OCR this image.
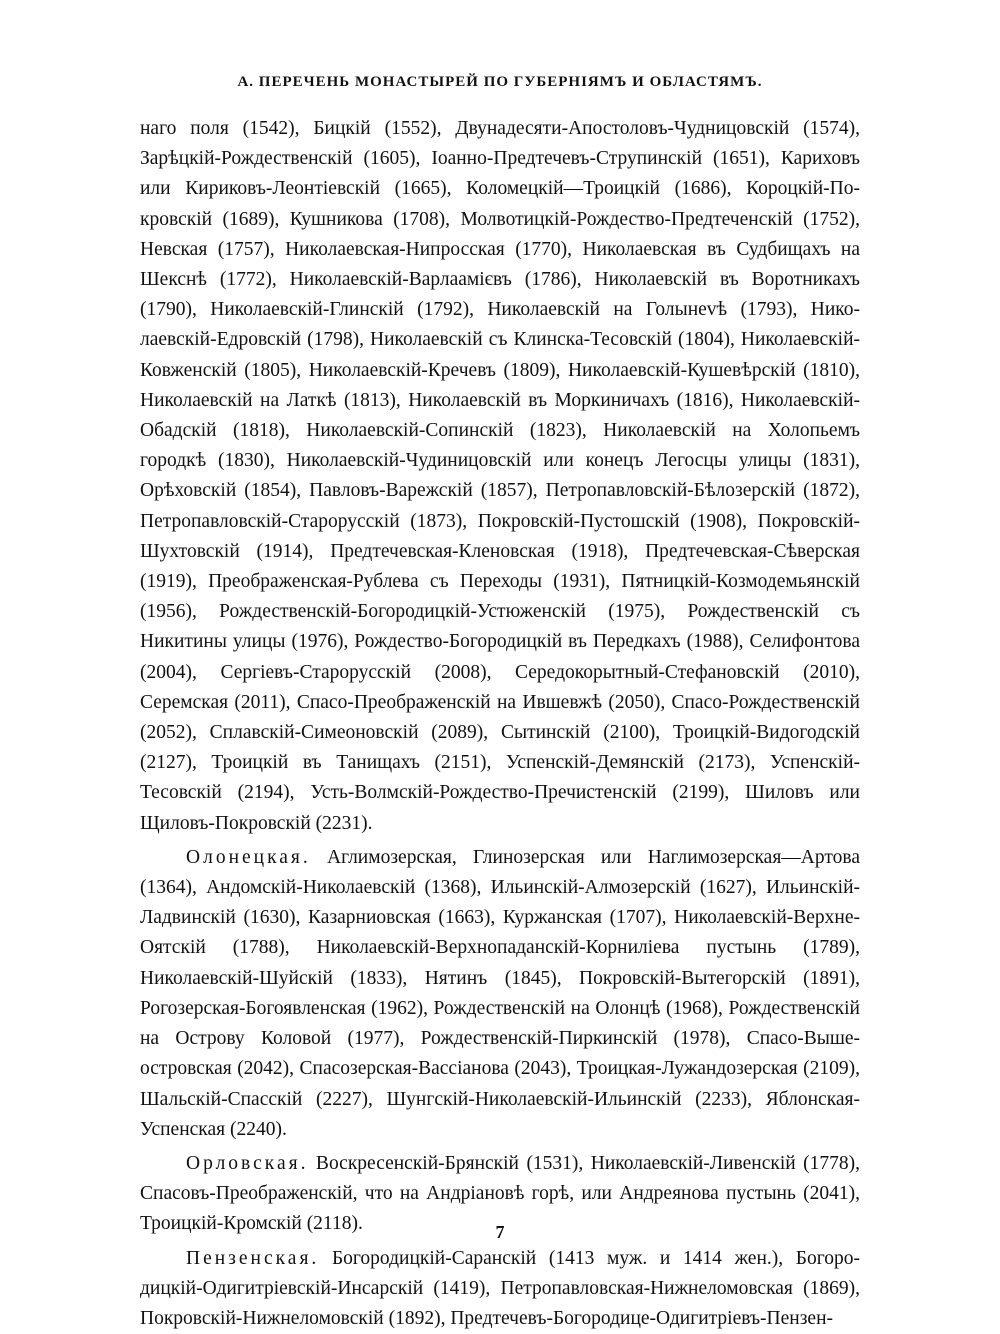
А. ПЕРЕЧЕНЬ МОНАСТЫРЕЙ ПО ГУБЕРНІЯМЪ И ОБЛАСТЯМЪ.

наго поля (1542), Бицкій (1552), Двунадесяти-Апостоловъ-Чудницовскій (1574), Зарѣцкій-Рождественскій (1605), Іоанно-Предтечевъ-Струпинскій (1651), Кариховъ или Кириковъ-Леонтіевскій (1665), Коломецкій—Троицкій (1686), Короцкій-Покровскій (1689), Кушникова (1708), Молвотицкій-Рождество-Предтеченскій (1752), Невская (1757), Николаевская-Нипросская (1770), Николаевская въ Судбищахъ на Шекснѣ (1772), Николаевскій-Варлаамієвъ (1786), Николаевскій въ Воротникахъ (1790), Николаевскій-Глинскій (1792), Николаевскій на Голынеvѣ (1793), Николаевскій-Едровскій (1798), Николаевскій съ Клинска-Тесовскій (1804), Николаевскій-Ковженскій (1805), Николаевскій-Кречевъ (1809), Николаевскій-Кушевѣрскій (1810), Николаевскій на Латкѣ (1813), Николаевскій въ Моркиничахъ (1816), Николаевскій-Обадскій (1818), Николаевскій-Сопинскій (1823), Николаевскій на Холопьемъ городкѣ (1830), Николаевскій-Чудиницовскій или конецъ Легосцы улицы (1831), Орѣховскій (1854), Павловъ-Варежскій (1857), Петропавловскій-Бѣлозерскій (1872), Петропавловскій-Старорусскій (1873), Покровскій-Пустошскій (1908), Покровскій-Шухтовскій (1914), Предтечевская-Кленовская (1918), Предтечевская-Сѣверская (1919), Преображенская-Рублева съ Переходы (1931), Пятницкій-Козмодемьянскій (1956), Рождественскій-Богородицкій-Устюженскій (1975), Рождественскій съ Никитины улицы (1976), Рождество-Богородицкій въ Передкахъ (1988), Селифонтова (2004), Сергіевъ-Старорусскій (2008), Середокорытный-Стефановскій (2010), Серемская (2011), Спасо-Преображенскій на Ившевжѣ (2050), Спасо-Рождественскій (2052), Сплавскій-Симеоновскій (2089), Сытинскій (2100), Троицкій-Видогодскій (2127), Троицкій въ Танищахъ (2151), Успенскій-Демянскій (2173), Успенскій-Тесовскій (2194), Усть-Волмскій-Рождество-Пречистенскій (2199), Шиловъ или Щиловъ-Покровскій (2231).

Олонецкая. Аглимозерская, Глинозерская или Наглимозерская—Артова (1364), Андомскій-Николаевскій (1368), Ильинскій-Алмозерскій (1627), Ильинскій-Ладвинскій (1630), Казарниовская (1663), Куржанская (1707), Николаевскій-Верхне-Оятскій (1788), Николаевскій-Верхнопаданскій-Корниліева пустынь (1789), Николаевскій-Шуйскій (1833), Нятинъ (1845), Покровскій-Вытегорскій (1891), Рогозерская-Богоявленская (1962), Рождественскій на Олонцѣ (1968), Рождественскій на Острову Коловой (1977), Рождественскій-Пиркинскій (1978), Спасо-Вышеостровская (2042), Спасозерская-Вассіанова (2043), Троицкая-Лужандозерская (2109), Шальскій-Спасскій (2227), Шунгскій-Николаевскій-Ильинскій (2233), Яблонская-Успенская (2240).

Орловская. Воскресенскій-Брянскій (1531), Николаевскій-Ливенскій (1778), Спасовъ-Преображенскій, что на Андріановѣ горѣ, или Андреянова пустынь (2041), Троицкій-Кромскій (2118).

Пензенская. Богородицкій-Саранскій (1413 муж. и 1414 жен.), Богородицкій-Одигитріевскій-Инсарскій (1419), Петропавловская-Нижнеломовская (1869), Покровскій-Нижнеломовскій (1892), Предтечевъ-Богородице-Одигитріевъ-Пензен-

7
